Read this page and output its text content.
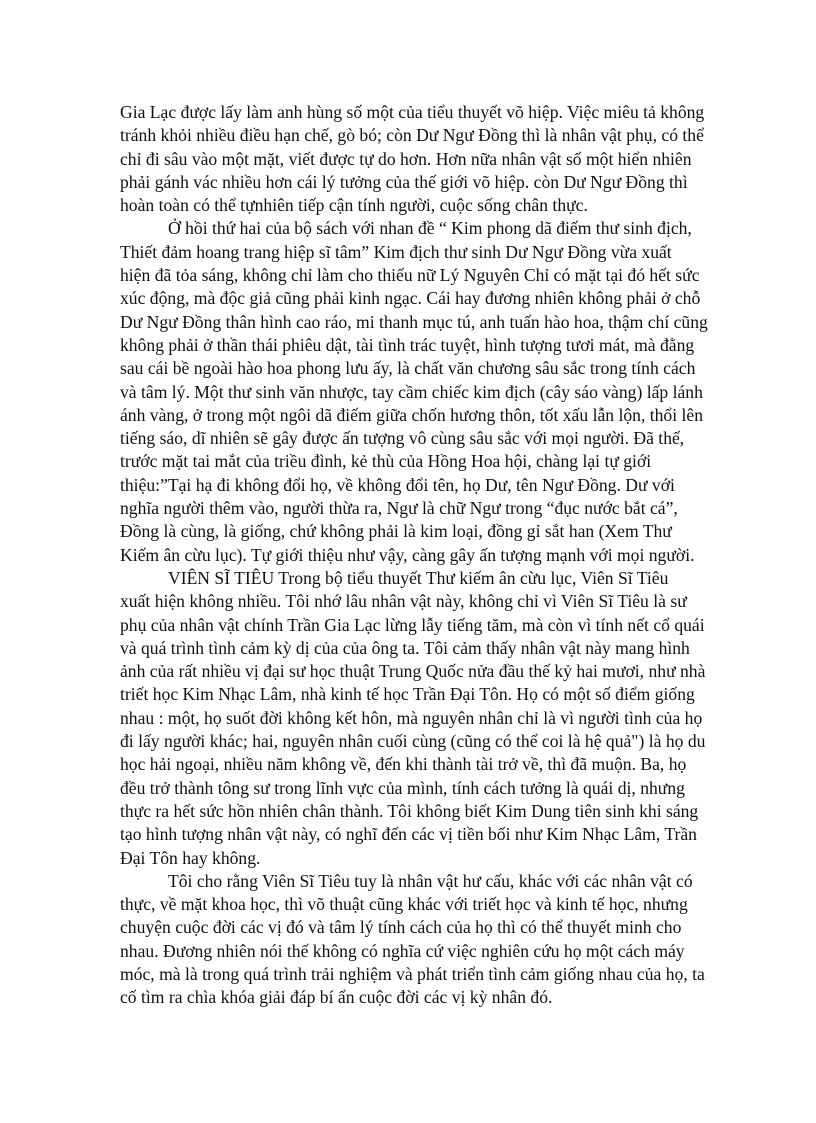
Gia Lạc được lấy làm anh hùng số một của tiểu thuyết võ hiệp. Việc miêu tả không
tránh khỏi nhiều điều hạn chế, gò bó; còn Dư Ngư Đồng thì là nhân vật phụ, có thể
chỉ đi sâu vào một mặt, viết được tự do hơn. Hơn nữa nhân vật số một hiển nhiên
phải gánh vác nhiều hơn cái lý tưởng của thế giới võ hiệp. còn Dư Ngư Đồng thì
hoàn toàn có thể tựnhiên tiếp cận tính người, cuộc sống chân thực.
Ở hồi thứ hai của bộ sách với nhan đề “ Kim phong dã điếm thư sinh địch,
Thiết đảm hoang trang hiệp sĩ tâm” Kim địch thư sinh Dư Ngư Đồng vừa xuất
hiện đã tỏa sáng, không chỉ làm cho thiếu nữ Lý Nguyên Chỉ có mặt tại đó hết sức
xúc động, mà độc giả cũng phải kinh ngạc. Cái hay đương nhiên không phải ở chỗ
Dư Ngư Đồng thân hình cao ráo, mi thanh mục tú, anh tuấn hào hoa, thậm chí cũng
không phải ở thần thái phiêu dật, tài tình trác tuyệt, hình tượng tươi mát, mà đằng
sau cái bề ngoài hào hoa phong lưu ấy, là chất văn chương sâu sắc trong tính cách
và tâm lý. Một thư sinh văn nhược, tay cầm chiếc kim địch (cây sáo vàng) lấp lánh
ánh vàng, ở trong một ngôi dã điếm giữa chốn hương thôn, tốt xấu lẫn lộn, thổi lên
tiếng sáo, dĩ nhiên sẽ gây được ấn tượng vô cùng sâu sắc với mọi người. Đã thế,
trước mặt tai mắt của triều đình, kẻ thù của Hồng Hoa hội, chàng lại tự giới
thiệu:”Tại hạ đi không đổi họ, về không đổi tên, họ Dư, tên Ngư Đồng. Dư với
nghĩa người thêm vào, người thừa ra, Ngư là chữ Ngư trong “đục nước bắt cá”,
Đồng là cùng, là giống, chứ không phải là kim loại, đồng gỉ sắt han (Xem Thư
Kiếm ân cừu lục). Tự giới thiệu như vậy, càng gây ấn tượng mạnh với mọi người.
VIÊN SĨ TIÊU Trong bộ tiểu thuyết Thư kiếm ân cừu lục, Viên Sĩ Tiêu
xuất hiện không nhiều. Tôi nhớ lâu nhân vật này, không chỉ vì Viên Sĩ Tiêu là sư
phụ của nhân vật chính Trần Gia Lạc lừng lẫy tiếng tăm, mà còn vì tính nết cổ quái
và quá trình tình cảm kỳ dị của của ông ta. Tôi cảm thấy nhân vật này mang hình
ảnh của rất nhiều vị đại sư học thuật Trung Quốc nửa đầu thế kỷ hai mươi, như nhà
triết học Kim Nhạc Lâm, nhà kinh tế học Trần Đại Tôn. Họ có một số điểm giống
nhau : một, họ suốt đời không kết hôn, mà nguyên nhân chỉ là vì người tình của họ
đi lấy người khác; hai, nguyên nhân cuối cùng (cũng có thể coi là hệ quả") là họ du
học hải ngoại, nhiều năm không về, đến khi thành tài trở về, thì đã muộn. Ba, họ
đều trở thành tông sư trong lĩnh vực của mình, tính cách tưởng là quái dị, nhưng
thực ra hết sức hồn nhiên chân thành. Tôi không biết Kim Dung tiên sinh khi sáng
tạo hình tượng nhân vật này, có nghĩ đến các vị tiền bối như Kim Nhạc Lâm, Trần
Đại Tôn hay không.
Tôi cho rằng Viên Sĩ Tiêu tuy là nhân vật hư cấu, khác với các nhân vật có
thực, về mặt khoa học, thì võ thuật cũng khác với triết học và kinh tế học, nhưng
chuyện cuộc đời các vị đó và tâm lý tính cách của họ thì có thể thuyết minh cho
nhau. Đương nhiên nói thế không có nghĩa cứ việc nghiên cứu họ một cách máy
móc, mà là trong quá trình trải nghiệm và phát triển tình cảm giống nhau của họ, ta
cố tìm ra chìa khóa giải đáp bí ẩn cuộc đời các vị kỳ nhân đó.
